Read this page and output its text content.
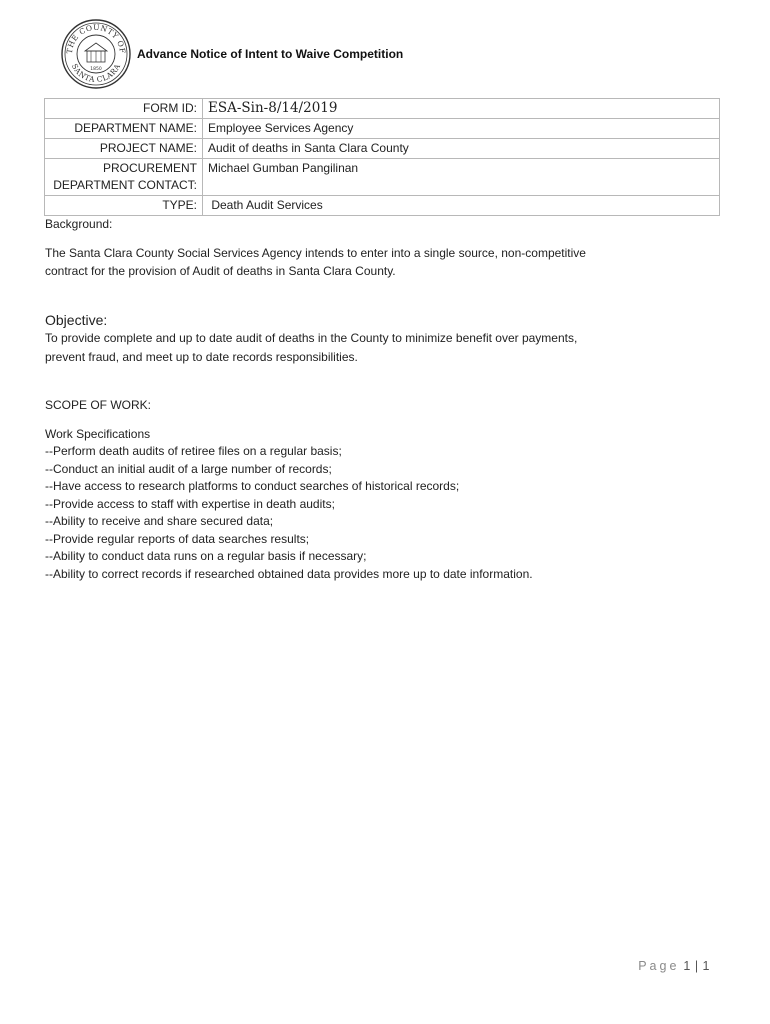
THE COUNTY OF
SANTA CLARA
1850
Advance Notice of Intent to Waive Competition
FORM ID:	ESA-Sin-8/14/2019
DEPARTMENT NAME:	Employee Services Agency
PROJECT NAME:	Audit of deaths in Santa Clara County

PROCUREMENT
DEPARTMENT CONTACT:	Michael Gumban Pangilinan
TYPE:	Death Audit Services
Background:
The Santa Clara County Social Services Agency intends to enter into a single source, non-competitive
contract for the provision of Audit of deaths in Santa Clara County.
Objective:
To provide complete and up to date audit of deaths in the County to minimize benefit over payments,
prevent fraud, and meet up to date records responsibilities.
SCOPE OF WORK:
Work Specifications
--Perform death audits of retiree files on a regular basis;
--Conduct an initial audit of a large number of records;
--Have access to research platforms to conduct searches of historical records;
--Provide access to staff with expertise in death audits;
--Ability to receive and share secured data;
--Provide regular reports of data searches results;
--Ability to conduct data runs on a regular basis if necessary;
--Ability to correct records if researched obtained data provides more up to date information.
Page 1 | 1
